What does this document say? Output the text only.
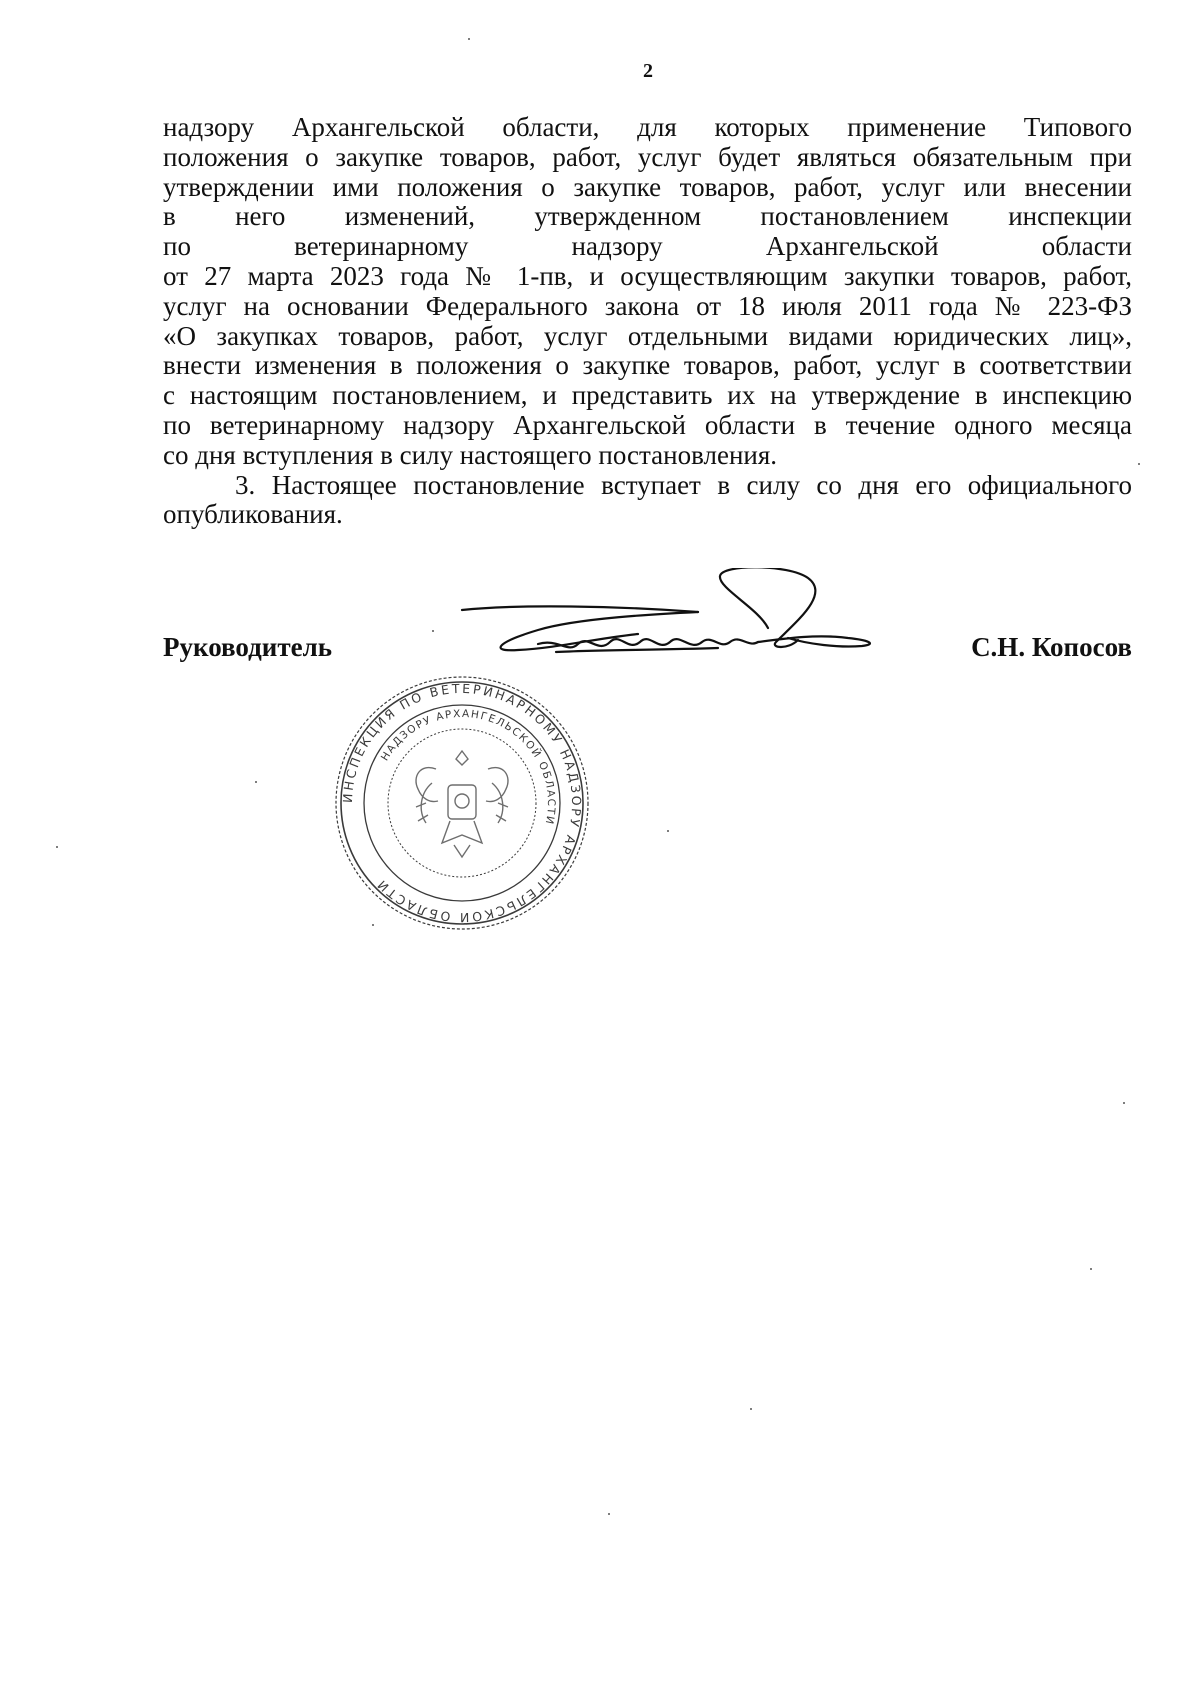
2
надзору Архангельской области, для которых применение Типового
положения о закупке товаров, работ, услуг будет являться обязательным при
утверждении ими положения о закупке товаров, работ, услуг или внесении
в него изменений, утвержденном постановлением инспекции
по ветеринарному надзору Архангельской области
от 27 марта 2023 года № 1-пв, и осуществляющим закупки товаров, работ,
услуг на основании Федерального закона от 18 июля 2011 года № 223-ФЗ
«О закупках товаров, работ, услуг отдельными видами юридических лиц»,
внести изменения в положения о закупке товаров, работ, услуг в соответствии
с настоящим постановлением, и представить их на утверждение в инспекцию
по ветеринарному надзору Архангельской области в течение одного месяца
со дня вступления в силу настоящего постановления.
3. Настоящее постановление вступает в силу со дня его официального
опубликования.
Руководитель	С.Н. Копосов
ИНСПЕКЦИЯ ПО ВЕТЕРИНАРНОМУ НАДЗОРУ АРХАНГЕЛЬСКОЙ ОБЛАСТИ
НАДЗОРУ АРХАНГЕЛЬСКОЙ ОБЛАСТИ
